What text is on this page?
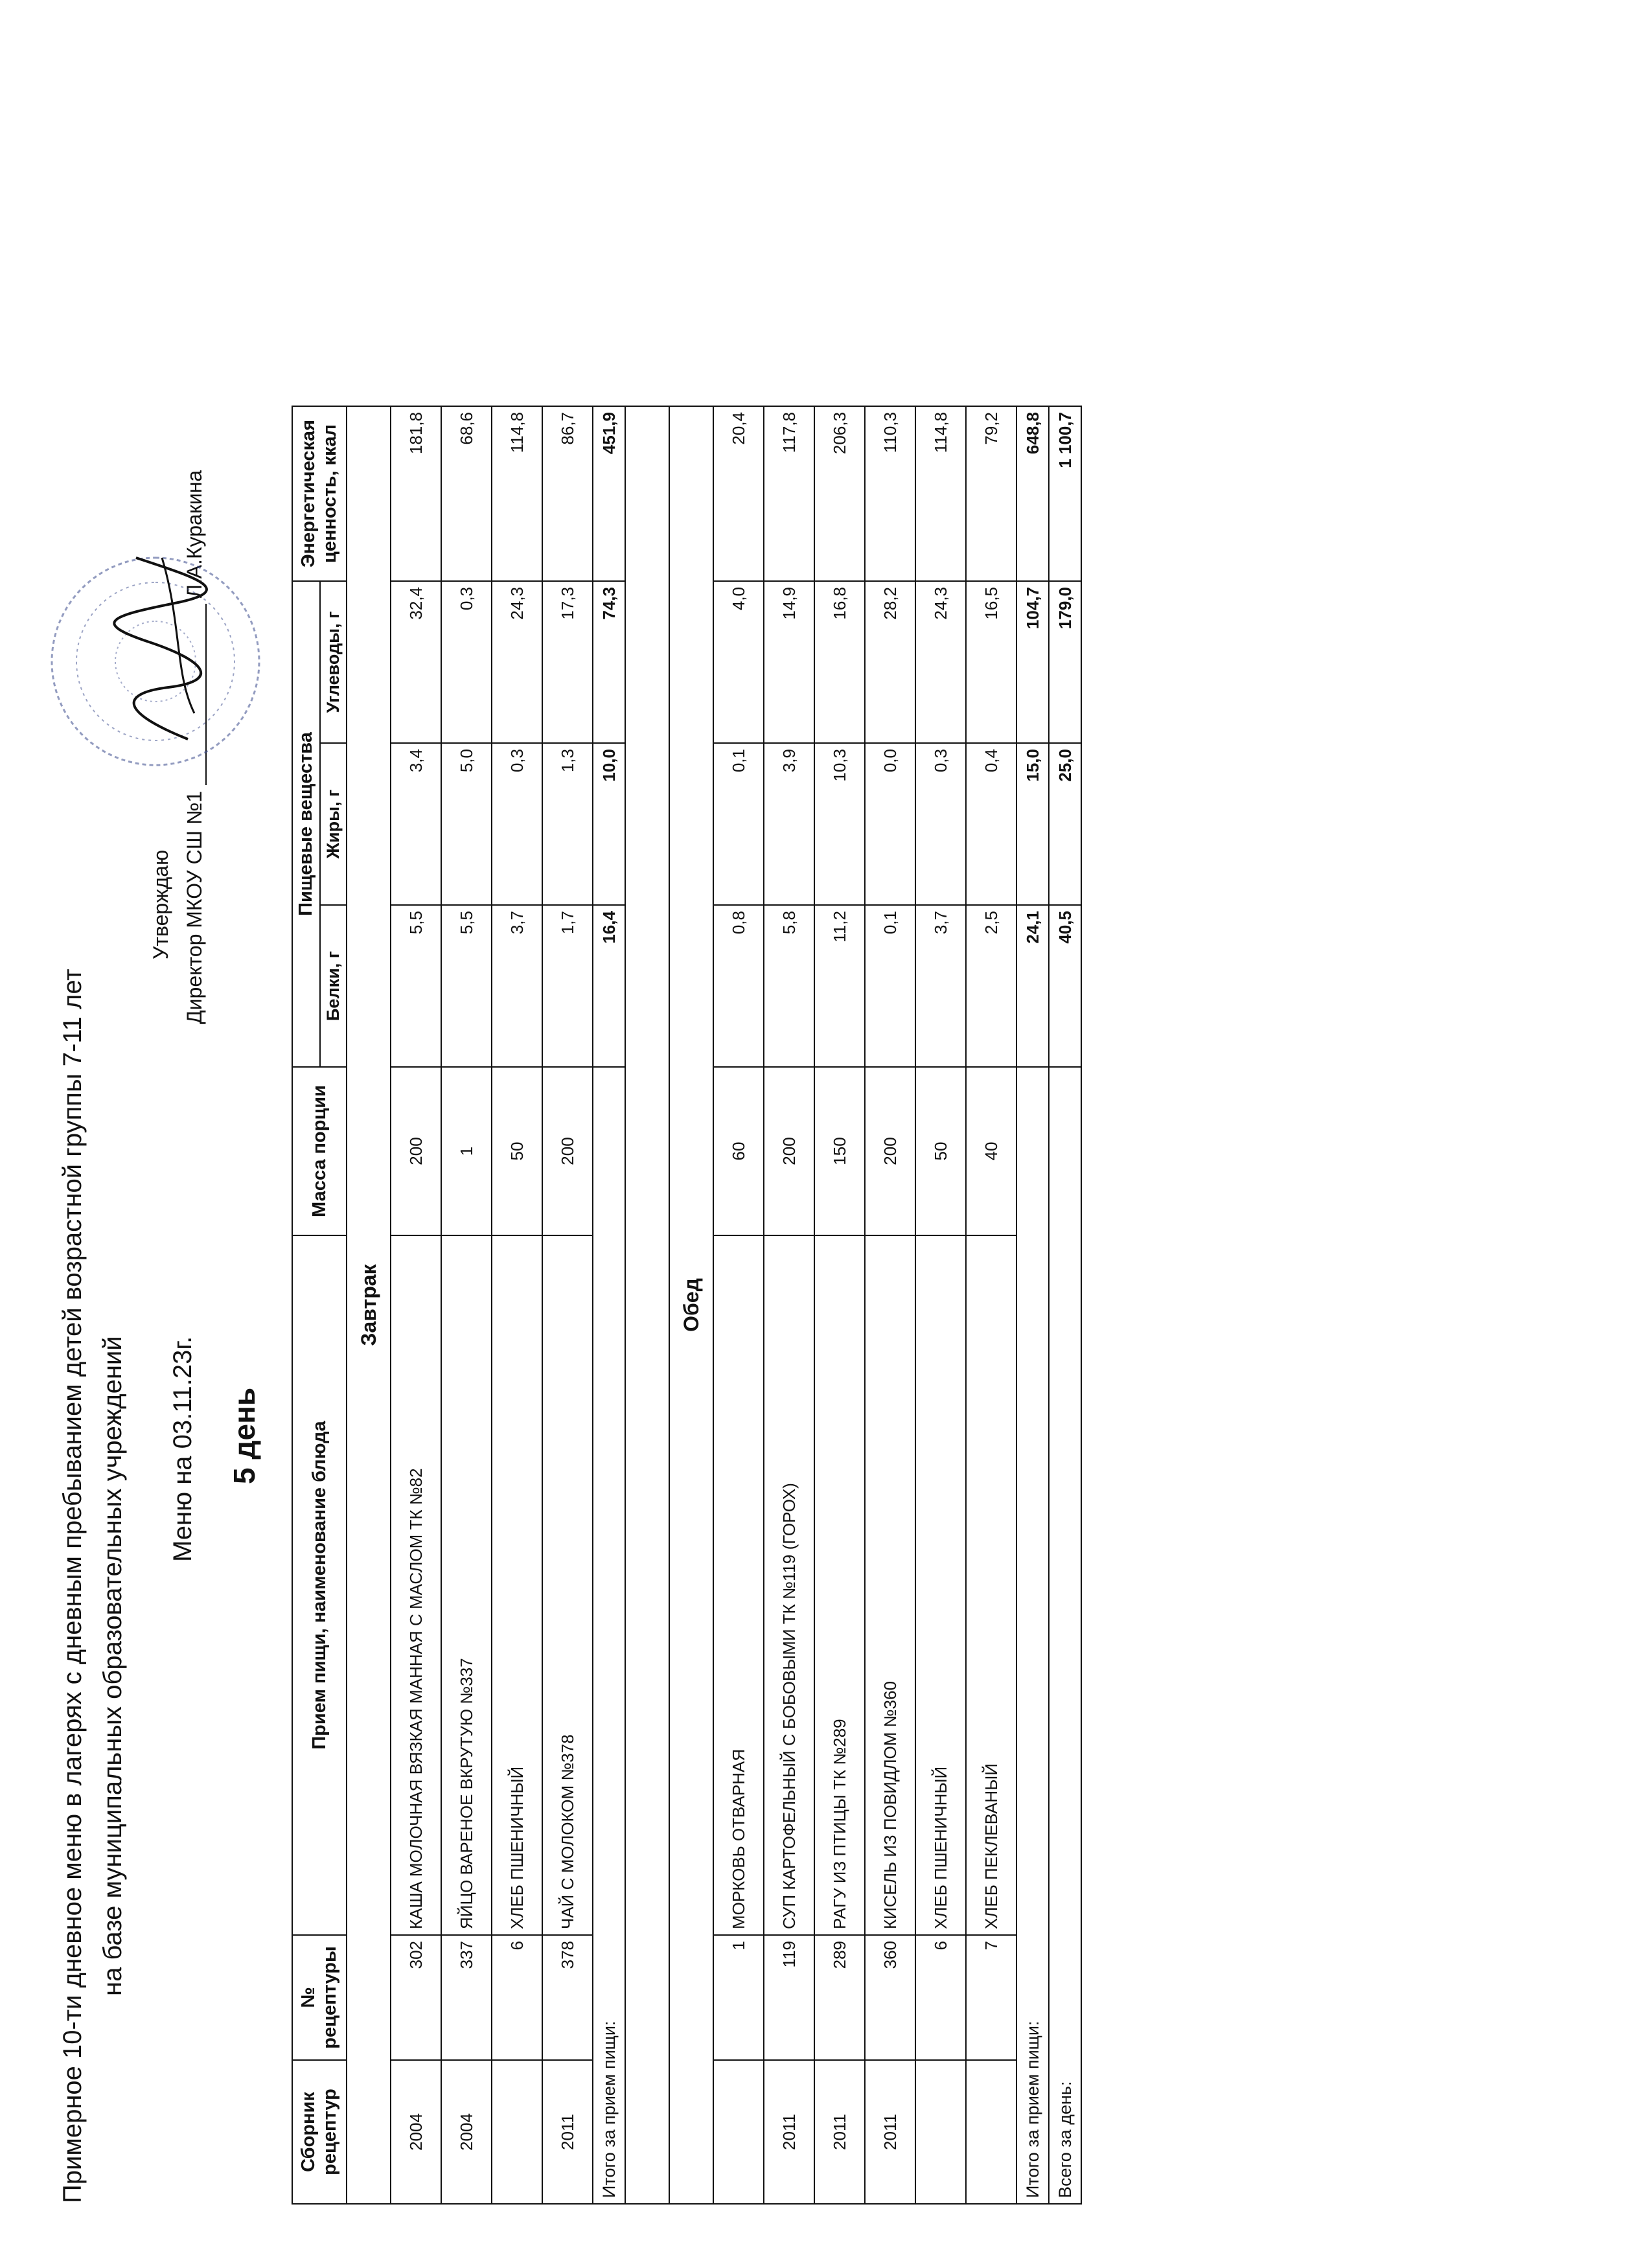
Примерное 10-ти дневное меню в лагерях с дневным пребыванием детей возрастной группы 7-11 лет на базе муниципальных образовательных учреждений Меню на 03.11.23г. 5 день
Утверждаю Директор МКОУ СШ №1  Л.А.Куракина
Сборник рецептур	№ рецептуры	Прием пищи, наименование блюда	Масса порции	Пищевые вещества			Энергетическая ценность, ккал
				Белки, г	Жиры, г	Углеводы, г	
Завтрак							
2004	302	КАША МОЛОЧНАЯ ВЯЗКАЯ МАННАЯ С МАСЛОМ ТК №82	200	5,5	3,4	32,4	181,8
2004	337	ЯЙЦО ВАРЕНОЕ ВКРУТУЮ №337	1	5,5	5,0	0,3	68,6
	6	ХЛЕБ ПШЕНИЧНЫЙ	50	3,7	0,3	24,3	114,8
2011	378	ЧАЙ С МОЛОКОМ №378	200	1,7	1,3	17,3	86,7
Итого за прием пищи:				16,4	10,0	74,3	451,9

Обед							
	1	МОРКОВЬ ОТВАРНАЯ	60	0,8	0,1	4,0	20,4
2011	119	СУП КАРТОФЕЛЬНЫЙ С БОБОВЫМИ ТК №119 (ГОРОХ)	200	5,8	3,9	14,9	117,8
2011	289	РАГУ ИЗ ПТИЦЫ ТК №289	150	11,2	10,3	16,8	206,3
2011	360	КИСЕЛЬ ИЗ ПОВИДЛОМ №360	200	0,1	0,0	28,2	110,3
	6	ХЛЕБ ПШЕНИЧНЫЙ	50	3,7	0,3	24,3	114,8
	7	ХЛЕБ ПЕКЛЕВАНЫЙ	40	2,5	0,4	16,5	79,2
Итого за прием пищи:				24,1	15,0	104,7	648,8
Всего за день:				40,5	25,0	179,0	1 100,7
